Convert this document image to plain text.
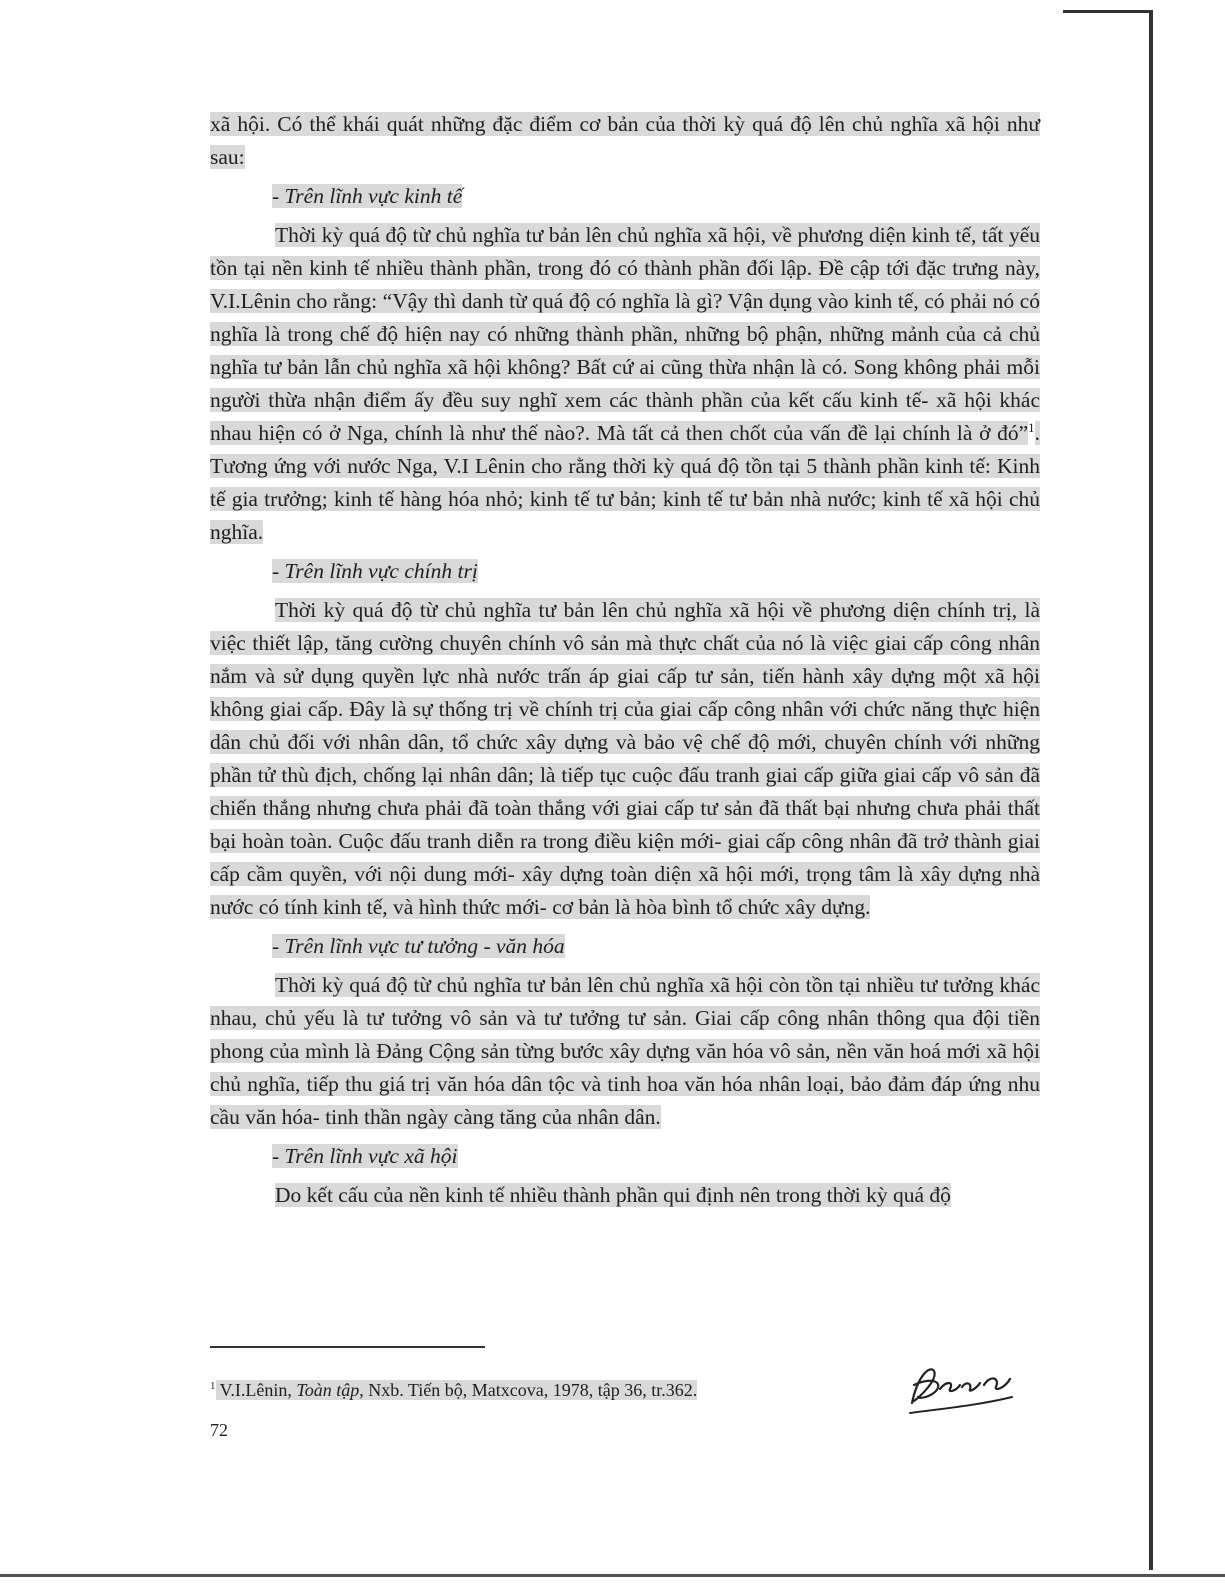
xã hội. Có thể khái quát những đặc điểm cơ bản của thời kỳ quá độ lên chủ nghĩa xã hội như sau:

- Trên lĩnh vực kinh tế

Thời kỳ quá độ từ chủ nghĩa tư bản lên chủ nghĩa xã hội, về phương diện kinh tế, tất yếu tồn tại nền kinh tế nhiều thành phần, trong đó có thành phần đối lập. Đề cập tới đặc trưng này, V.I.Lênin cho rằng: “Vậy thì danh từ quá độ có nghĩa là gì? Vận dụng vào kinh tế, có phải nó có nghĩa là trong chế độ hiện nay có những thành phần, những bộ phận, những mảnh của cả chủ nghĩa tư bản lẫn chủ nghĩa xã hội không? Bất cứ ai cũng thừa nhận là có. Song không phải mỗi người thừa nhận điểm ấy đều suy nghĩ xem các thành phần của kết cấu kinh tế- xã hội khác nhau hiện có ở Nga, chính là như thế nào?. Mà tất cả then chốt của vấn đề lại chính là ở đó”$^1$. Tương ứng với nước Nga, V.I Lênin cho rằng thời kỳ quá độ tồn tại 5 thành phần kinh tế: Kinh tế gia trưởng; kinh tế hàng hóa nhỏ; kinh tế tư bản; kinh tế tư bản nhà nước; kinh tế xã hội chủ nghĩa.

- Trên lĩnh vực chính trị

Thời kỳ quá độ từ chủ nghĩa tư bản lên chủ nghĩa xã hội về phương diện chính trị, là việc thiết lập, tăng cường chuyên chính vô sản mà thực chất của nó là việc giai cấp công nhân nắm và sử dụng quyền lực nhà nước trấn áp giai cấp tư sản, tiến hành xây dựng một xã hội không giai cấp. Đây là sự thống trị về chính trị của giai cấp công nhân với chức năng thực hiện dân chủ đối với nhân dân, tổ chức xây dựng và bảo vệ chế độ mới, chuyên chính với những phần tử thù địch, chống lại nhân dân; là tiếp tục cuộc đấu tranh giai cấp giữa giai cấp vô sản đã chiến thắng nhưng chưa phải đã toàn thắng với giai cấp tư sản đã thất bại nhưng chưa phải thất bại hoàn toàn. Cuộc đấu tranh diễn ra trong điều kiện mới- giai cấp công nhân đã trở thành giai cấp cầm quyền, với nội dung mới- xây dựng toàn diện xã hội mới, trọng tâm là xây dựng nhà nước có tính kinh tế, và hình thức mới- cơ bản là hòa bình tổ chức xây dựng.

- Trên lĩnh vực tư tưởng - văn hóa

Thời kỳ quá độ từ chủ nghĩa tư bản lên chủ nghĩa xã hội còn tồn tại nhiều tư tưởng khác nhau, chủ yếu là tư tưởng vô sản và tư tưởng tư sản. Giai cấp công nhân thông qua đội tiền phong của mình là Đảng Cộng sản từng bước xây dựng văn hóa vô sản, nền văn hoá mới xã hội chủ nghĩa, tiếp thu giá trị văn hóa dân tộc và tinh hoa văn hóa nhân loại, bảo đảm đáp ứng nhu cầu văn hóa- tinh thần ngày càng tăng của nhân dân.

- Trên lĩnh vực xã hội

Do kết cấu của nền kinh tế nhiều thành phần qui định nên trong thời kỳ quá độ

$^1$ V.I.Lênin, Toàn tập, Nxb. Tiến bộ, Matxcova, 1978, tập 36, tr.362.
72
